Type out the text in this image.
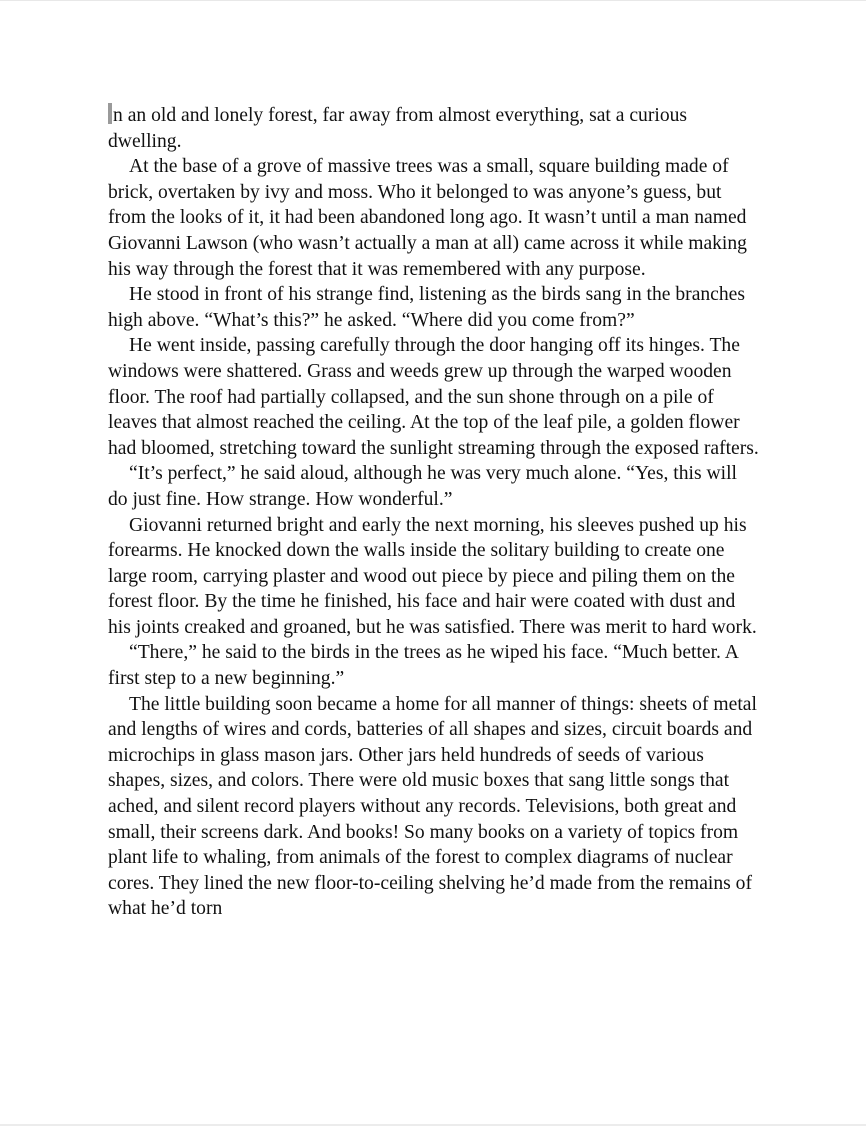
n an old and lonely forest, far away from almost everything, sat a curious dwelling.

At the base of a grove of massive trees was a small, square building made of brick, overtaken by ivy and moss. Who it belonged to was anyone’s guess, but from the looks of it, it had been abandoned long ago. It wasn’t until a man named Giovanni Lawson (who wasn’t actually a man at all) came across it while making his way through the forest that it was remembered with any purpose.

He stood in front of his strange find, listening as the birds sang in the branches high above. “What’s this?” he asked. “Where did you come from?”

He went inside, passing carefully through the door hanging off its hinges. The windows were shattered. Grass and weeds grew up through the warped wooden floor. The roof had partially collapsed, and the sun shone through on a pile of leaves that almost reached the ceiling. At the top of the leaf pile, a golden flower had bloomed, stretching toward the sunlight streaming through the exposed rafters.

“It’s perfect,” he said aloud, although he was very much alone. “Yes, this will do just fine. How strange. How wonderful.”

Giovanni returned bright and early the next morning, his sleeves pushed up his forearms. He knocked down the walls inside the solitary building to create one large room, carrying plaster and wood out piece by piece and piling them on the forest floor. By the time he finished, his face and hair were coated with dust and his joints creaked and groaned, but he was satisfied. There was merit to hard work.

“There,” he said to the birds in the trees as he wiped his face. “Much better. A first step to a new beginning.”

The little building soon became a home for all manner of things: sheets of metal and lengths of wires and cords, batteries of all shapes and sizes, circuit boards and microchips in glass mason jars. Other jars held hundreds of seeds of various shapes, sizes, and colors. There were old music boxes that sang little songs that ached, and silent record players without any records. Televisions, both great and small, their screens dark. And books! So many books on a variety of topics from plant life to whaling, from animals of the forest to complex diagrams of nuclear cores. They lined the new floor-to-ceiling shelving he’d made from the remains of what he’d torn
